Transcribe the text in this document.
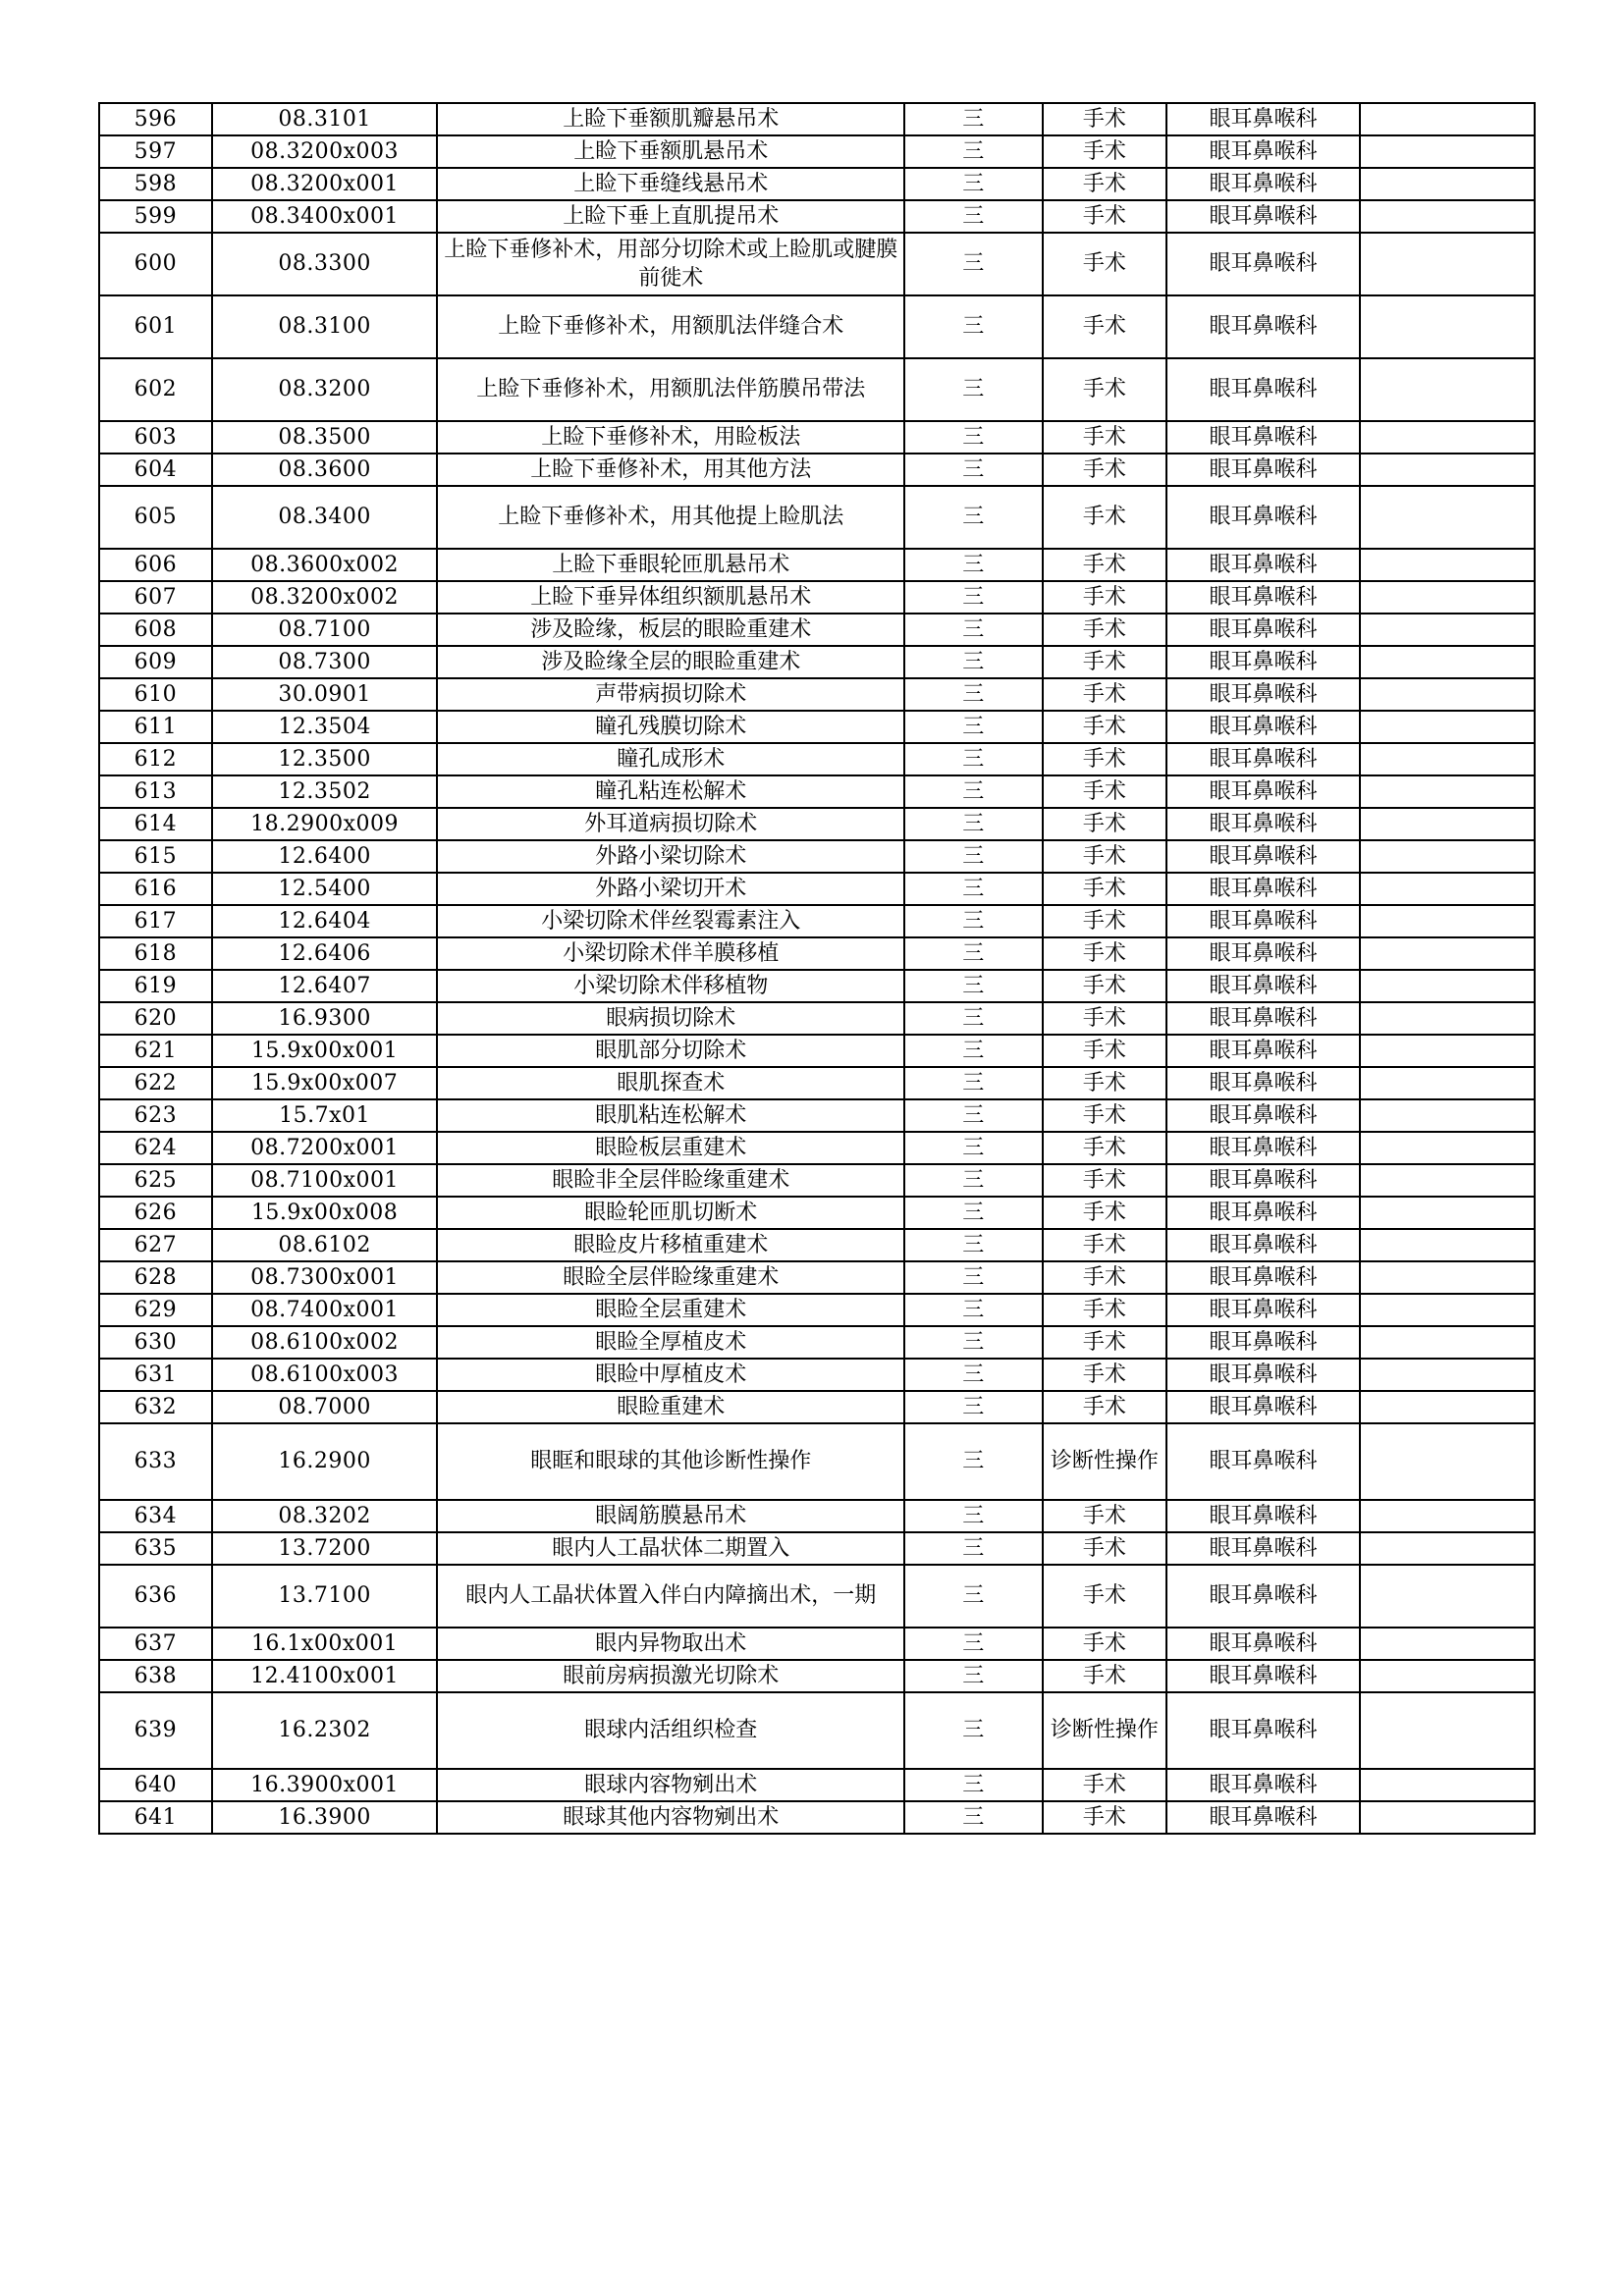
596	08.3101	上睑下垂额肌瓣悬吊术	三	手术	眼耳鼻喉科	
597	08.3200x003	上睑下垂额肌悬吊术	三	手术	眼耳鼻喉科	
598	08.3200x001	上睑下垂缝线悬吊术	三	手术	眼耳鼻喉科	
599	08.3400x001	上睑下垂上直肌提吊术	三	手术	眼耳鼻喉科	
600	08.3300	上睑下垂修补术，用部分切除术或上睑肌或腱膜前徙术	三	手术	眼耳鼻喉科	
601	08.3100	上睑下垂修补术，用额肌法伴缝合术	三	手术	眼耳鼻喉科	
602	08.3200	上睑下垂修补术，用额肌法伴筋膜吊带法	三	手术	眼耳鼻喉科	
603	08.3500	上睑下垂修补术，用睑板法	三	手术	眼耳鼻喉科	
604	08.3600	上睑下垂修补术，用其他方法	三	手术	眼耳鼻喉科	
605	08.3400	上睑下垂修补术，用其他提上睑肌法	三	手术	眼耳鼻喉科	
606	08.3600x002	上睑下垂眼轮匝肌悬吊术	三	手术	眼耳鼻喉科	
607	08.3200x002	上睑下垂异体组织额肌悬吊术	三	手术	眼耳鼻喉科	
608	08.7100	涉及睑缘，板层的眼睑重建术	三	手术	眼耳鼻喉科	
609	08.7300	涉及睑缘全层的眼睑重建术	三	手术	眼耳鼻喉科	
610	30.0901	声带病损切除术	三	手术	眼耳鼻喉科	
611	12.3504	瞳孔残膜切除术	三	手术	眼耳鼻喉科	
612	12.3500	瞳孔成形术	三	手术	眼耳鼻喉科	
613	12.3502	瞳孔粘连松解术	三	手术	眼耳鼻喉科	
614	18.2900x009	外耳道病损切除术	三	手术	眼耳鼻喉科	
615	12.6400	外路小梁切除术	三	手术	眼耳鼻喉科	
616	12.5400	外路小梁切开术	三	手术	眼耳鼻喉科	
617	12.6404	小梁切除术伴丝裂霉素注入	三	手术	眼耳鼻喉科	
618	12.6406	小梁切除术伴羊膜移植	三	手术	眼耳鼻喉科	
619	12.6407	小梁切除术伴移植物	三	手术	眼耳鼻喉科	
620	16.9300	眼病损切除术	三	手术	眼耳鼻喉科	
621	15.9x00x001	眼肌部分切除术	三	手术	眼耳鼻喉科	
622	15.9x00x007	眼肌探查术	三	手术	眼耳鼻喉科	
623	15.7x01	眼肌粘连松解术	三	手术	眼耳鼻喉科	
624	08.7200x001	眼睑板层重建术	三	手术	眼耳鼻喉科	
625	08.7100x001	眼睑非全层伴睑缘重建术	三	手术	眼耳鼻喉科	
626	15.9x00x008	眼睑轮匝肌切断术	三	手术	眼耳鼻喉科	
627	08.6102	眼睑皮片移植重建术	三	手术	眼耳鼻喉科	
628	08.7300x001	眼睑全层伴睑缘重建术	三	手术	眼耳鼻喉科	
629	08.7400x001	眼睑全层重建术	三	手术	眼耳鼻喉科	
630	08.6100x002	眼睑全厚植皮术	三	手术	眼耳鼻喉科	
631	08.6100x003	眼睑中厚植皮术	三	手术	眼耳鼻喉科	
632	08.7000	眼睑重建术	三	手术	眼耳鼻喉科	
633	16.2900	眼眶和眼球的其他诊断性操作	三	诊断性操作	眼耳鼻喉科	
634	08.3202	眼阔筋膜悬吊术	三	手术	眼耳鼻喉科	
635	13.7200	眼内人工晶状体二期置入	三	手术	眼耳鼻喉科	
636	13.7100	眼内人工晶状体置入伴白内障摘出术，一期	三	手术	眼耳鼻喉科	
637	16.1x00x001	眼内异物取出术	三	手术	眼耳鼻喉科	
638	12.4100x001	眼前房病损激光切除术	三	手术	眼耳鼻喉科	
639	16.2302	眼球内活组织检查	三	诊断性操作	眼耳鼻喉科	
640	16.3900x001	眼球内容物剜出术	三	手术	眼耳鼻喉科	
641	16.3900	眼球其他内容物剜出术	三	手术	眼耳鼻喉科	
